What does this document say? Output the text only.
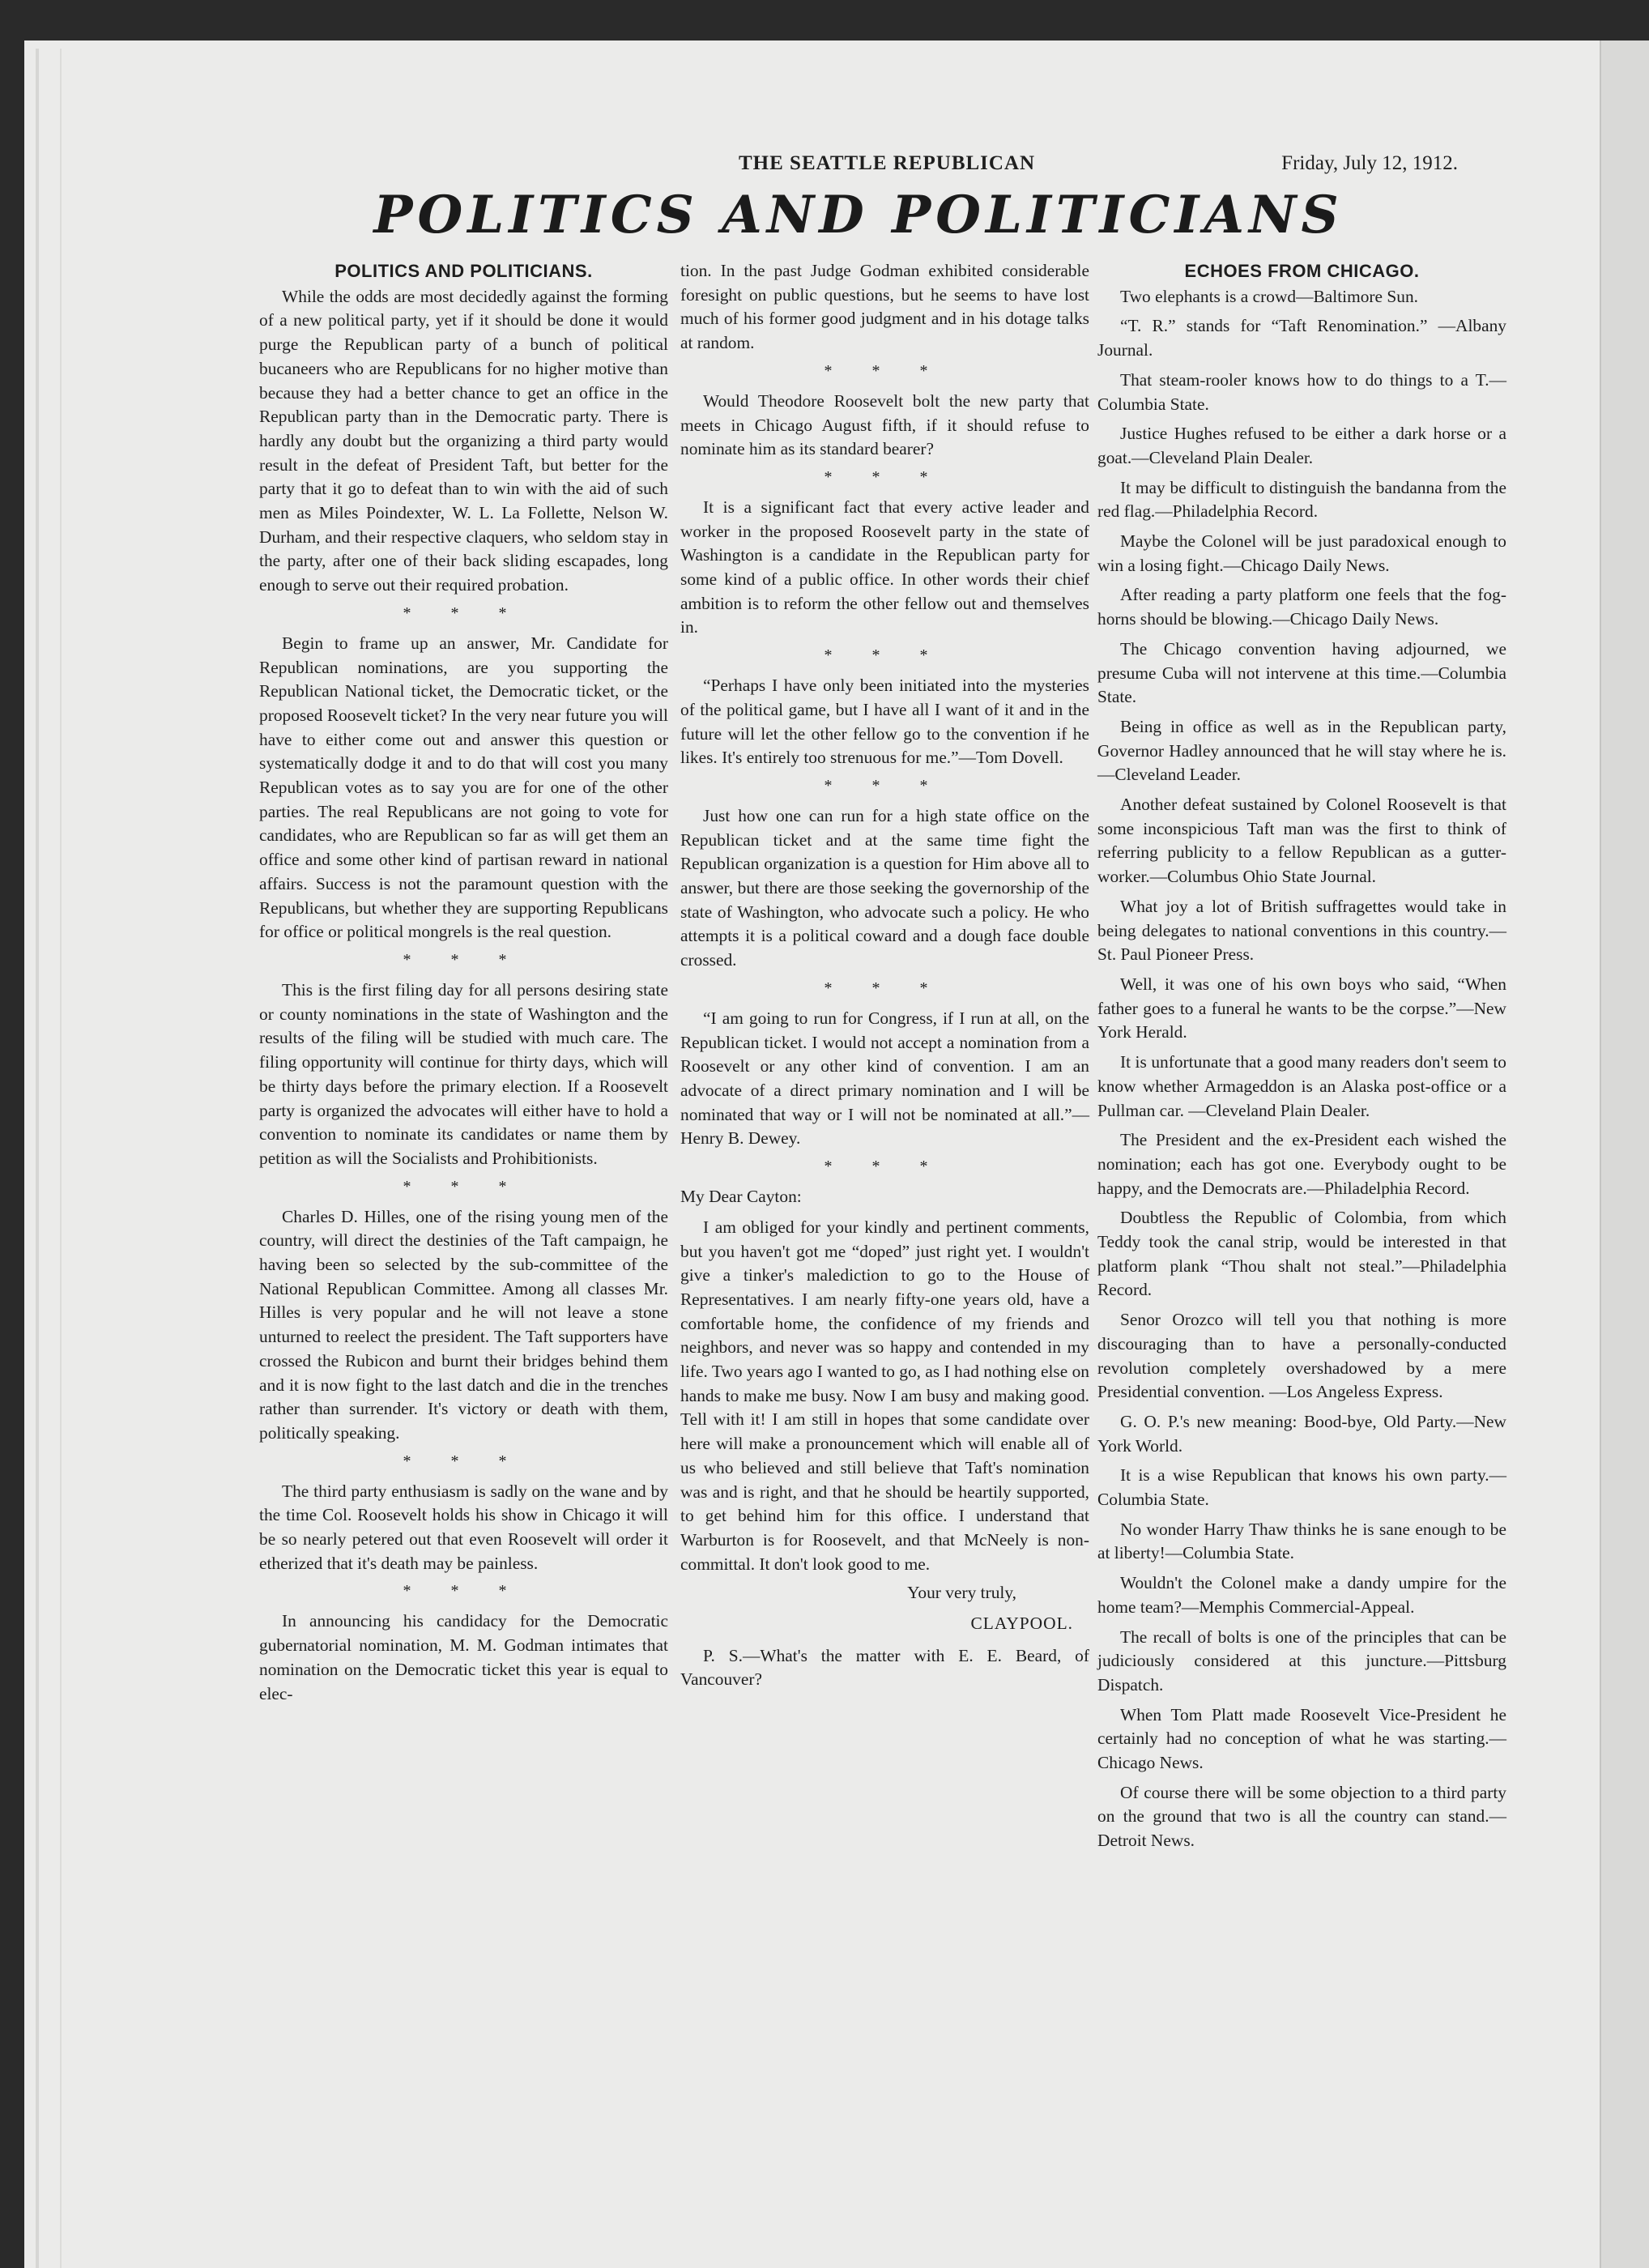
THE SEATTLE REPUBLICAN	Friday, July 12, 1912.
POLITICS AND POLITICIANS
POLITICS AND POLITICIANS.

While the odds are most decidedly against the forming of a new political party, yet if it should be done it would purge the Republican party of a bunch of political bucaneers who are Republicans for no higher motive than because they had a better chance to get an office in the Republican party than in the Democratic party. There is hardly any doubt but the organizing a third party would result in the defeat of President Taft, but better for the party that it go to defeat than to win with the aid of such men as Miles Poindexter, W. L. La Follette, Nelson W. Durham, and their respective claquers, who seldom stay in the party, after one of their back sliding escapades, long enough to serve out their required probation.

* * *

Begin to frame up an answer, Mr. Candidate for Republican nominations, are you supporting the Republican National ticket, the Democratic ticket, or the proposed Roosevelt ticket? In the very near future you will have to either come out and answer this question or systematically dodge it and to do that will cost you many Republican votes as to say you are for one of the other parties. The real Republicans are not going to vote for candidates, who are Republican so far as will get them an office and some other kind of partisan reward in national affairs. Success is not the paramount question with the Republicans, but whether they are supporting Republicans for office or political mongrels is the real question.

* * *

This is the first filing day for all persons desiring state or county nominations in the state of Washington and the results of the filing will be studied with much care. The filing opportunity will continue for thirty days, which will be thirty days before the primary election. If a Roosevelt party is organized the advocates will either have to hold a convention to nominate its candidates or name them by petition as will the Socialists and Prohibitionists.

* * *

Charles D. Hilles, one of the rising young men of the country, will direct the destinies of the Taft campaign, he having been so selected by the sub-committee of the National Republican Committee. Among all classes Mr. Hilles is very popular and he will not leave a stone unturned to reelect the president. The Taft supporters have crossed the Rubicon and burnt their bridges behind them and it is now fight to the last datch and die in the trenches rather than surrender. It's victory or death with them, politically speaking.

* * *

The third party enthusiasm is sadly on the wane and by the time Col. Roosevelt holds his show in Chicago it will be so nearly petered out that even Roosevelt will order it etherized that it's death may be painless.

* * *

In announcing his candidacy for the Democratic gubernatorial nomination, M. M. Godman intimates that nomination on the Democratic ticket this year is equal to elec-

tion. In the past Judge Godman exhibited considerable foresight on public questions, but he seems to have lost much of his former good judgment and in his dotage talks at random.

* * *

Would Theodore Roosevelt bolt the new party that meets in Chicago August fifth, if it should refuse to nominate him as its standard bearer?

* * *

It is a significant fact that every active leader and worker in the proposed Roosevelt party in the state of Washington is a candidate in the Republican party for some kind of a public office. In other words their chief ambition is to reform the other fellow out and themselves in.

* * *

“Perhaps I have only been initiated into the mysteries of the political game, but I have all I want of it and in the future will let the other fellow go to the convention if he likes. It's entirely too strenuous for me.”—Tom Dovell.

* * *

Just how one can run for a high state office on the Republican ticket and at the same time fight the Republican organization is a question for Him above all to answer, but there are those seeking the governorship of the state of Washington, who advocate such a policy. He who attempts it is a political coward and a dough face double crossed.

* * *

“I am going to run for Congress, if I run at all, on the Republican ticket. I would not accept a nomination from a Roosevelt or any other kind of convention. I am an advocate of a direct primary nomination and I will be nominated that way or I will not be nominated at all.”—Henry B. Dewey.

* * *

My Dear Cayton:

I am obliged for your kindly and pertinent comments, but you haven't got me “doped” just right yet. I wouldn't give a tinker's malediction to go to the House of Representatives. I am nearly fifty-one years old, have a comfortable home, the confidence of my friends and neighbors, and never was so happy and contended in my life. Two years ago I wanted to go, as I had nothing else on hands to make me busy. Now I am busy and making good. Tell with it! I am still in hopes that some candidate over here will make a pronouncement which will enable all of us who believed and still believe that Taft's nomination was and is right, and that he should be heartily supported, to get behind him for this office. I understand that Warburton is for Roosevelt, and that McNeely is non-committal. It don't look good to me.

Your very truly,

CLAYPOOL.

P. S.—What's the matter with E. E. Beard, of Vancouver?

ECHOES FROM CHICAGO.

Two elephants is a crowd—Baltimore Sun.

“T. R.” stands for “Taft Renomination.” —Albany Journal.

That steam-rooler knows how to do things to a T.—Columbia State.

Justice Hughes refused to be either a dark horse or a goat.—Cleveland Plain Dealer.

It may be difficult to distinguish the bandanna from the red flag.—Philadelphia Record.

Maybe the Colonel will be just paradoxical enough to win a losing fight.—Chicago Daily News.

After reading a party platform one feels that the fog-horns should be blowing.—Chicago Daily News.

The Chicago convention having adjourned, we presume Cuba will not intervene at this time.—Columbia State.

Being in office as well as in the Republican party, Governor Hadley announced that he will stay where he is.—Cleveland Leader.

Another defeat sustained by Colonel Roosevelt is that some inconspicious Taft man was the first to think of referring publicity to a fellow Republican as a gutter-worker.—Columbus Ohio State Journal.

What joy a lot of British suffragettes would take in being delegates to national conventions in this country.—St. Paul Pioneer Press.

Well, it was one of his own boys who said, “When father goes to a funeral he wants to be the corpse.”—New York Herald.

It is unfortunate that a good many readers don't seem to know whether Armageddon is an Alaska post-office or a Pullman car. —Cleveland Plain Dealer.

The President and the ex-President each wished the nomination; each has got one. Everybody ought to be happy, and the Democrats are.—Philadelphia Record.

Doubtless the Republic of Colombia, from which Teddy took the canal strip, would be interested in that platform plank “Thou shalt not steal.”—Philadelphia Record.

Senor Orozco will tell you that nothing is more discouraging than to have a personally-conducted revolution completely overshadowed by a mere Presidential convention. —Los Angeless Express.

G. O. P.'s new meaning: Bood-bye, Old Party.—New York World.

It is a wise Republican that knows his own party.—Columbia State.

No wonder Harry Thaw thinks he is sane enough to be at liberty!—Columbia State.

Wouldn't the Colonel make a dandy umpire for the home team?—Memphis Commercial-Appeal.

The recall of bolts is one of the principles that can be judiciously considered at this juncture.—Pittsburg Dispatch.

When Tom Platt made Roosevelt Vice-President he certainly had no conception of what he was starting.—Chicago News.

Of course there will be some objection to a third party on the ground that two is all the country can stand.—Detroit News.
